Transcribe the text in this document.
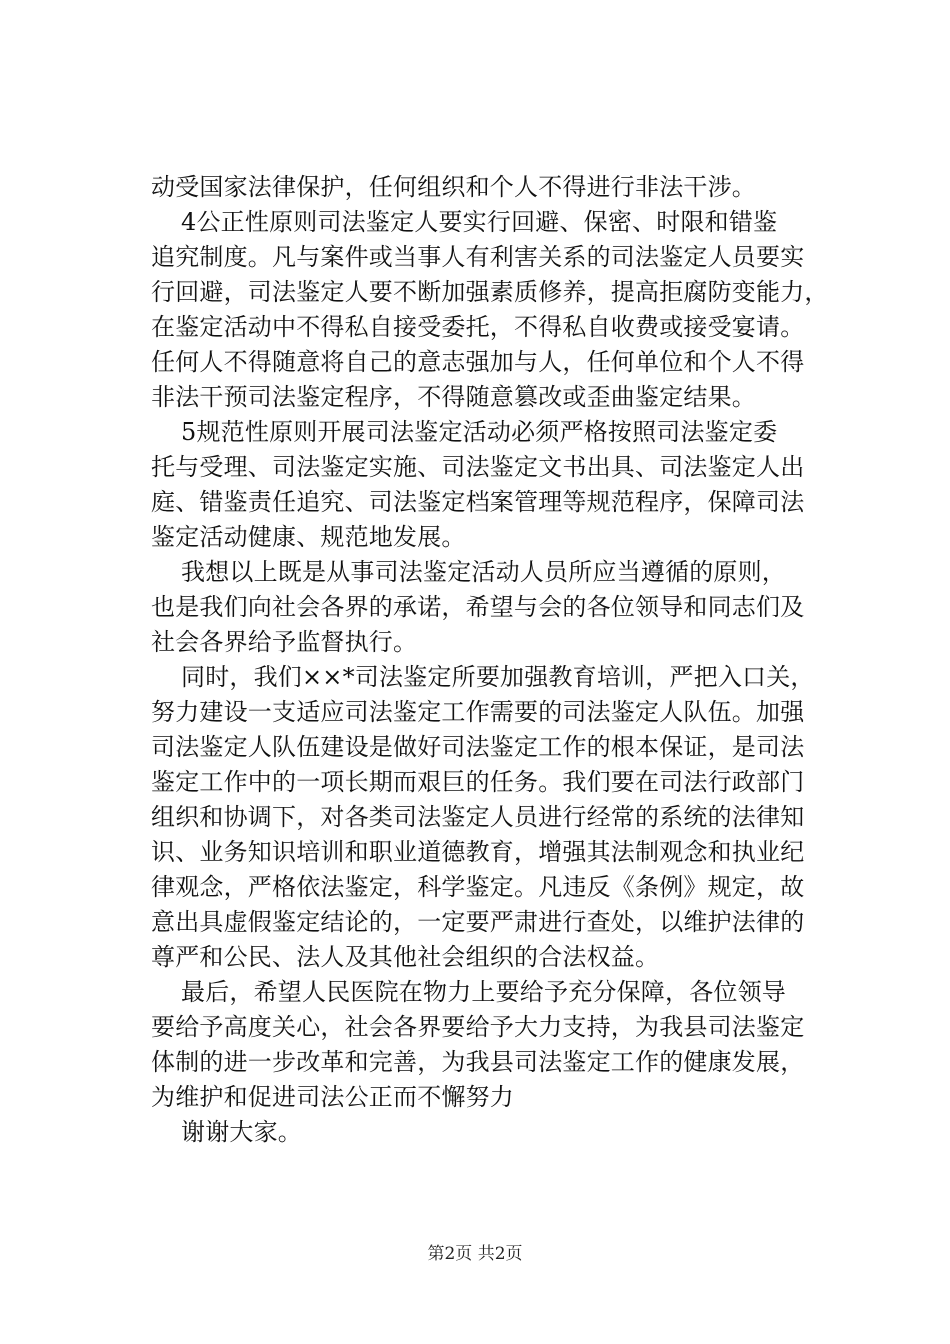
动受国家法律保护，任何组织和个人不得进行非法干涉。
4公正性原则司法鉴定人要实行回避、保密、时限和错鉴
追究制度。凡与案件或当事人有利害关系的司法鉴定人员要实
行回避，司法鉴定人要不断加强素质修养，提高拒腐防变能力，
在鉴定活动中不得私自接受委托，不得私自收费或接受宴请。
任何人不得随意将自己的意志强加与人，任何单位和个人不得
非法干预司法鉴定程序，不得随意篡改或歪曲鉴定结果。
5规范性原则开展司法鉴定活动必须严格按照司法鉴定委
托与受理、司法鉴定实施、司法鉴定文书出具、司法鉴定人出
庭、错鉴责任追究、司法鉴定档案管理等规范程序，保障司法
鉴定活动健康、规范地发展。
我想以上既是从事司法鉴定活动人员所应当遵循的原则，
也是我们向社会各界的承诺，希望与会的各位领导和同志们及
社会各界给予监督执行。
同时，我们××*司法鉴定所要加强教育培训，严把入口关，
努力建设一支适应司法鉴定工作需要的司法鉴定人队伍。加强
司法鉴定人队伍建设是做好司法鉴定工作的根本保证，是司法
鉴定工作中的一项长期而艰巨的任务。我们要在司法行政部门
组织和协调下，对各类司法鉴定人员进行经常的系统的法律知
识、业务知识培训和职业道德教育，增强其法制观念和执业纪
律观念，严格依法鉴定，科学鉴定。凡违反《条例》规定，故
意出具虚假鉴定结论的，一定要严肃进行查处，以维护法律的
尊严和公民、法人及其他社会组织的合法权益。
最后，希望人民医院在物力上要给予充分保障，各位领导
要给予高度关心，社会各界要给予大力支持，为我县司法鉴定
体制的进一步改革和完善，为我县司法鉴定工作的健康发展，
为维护和促进司法公正而不懈努力
谢谢大家。
第2页 共2页
